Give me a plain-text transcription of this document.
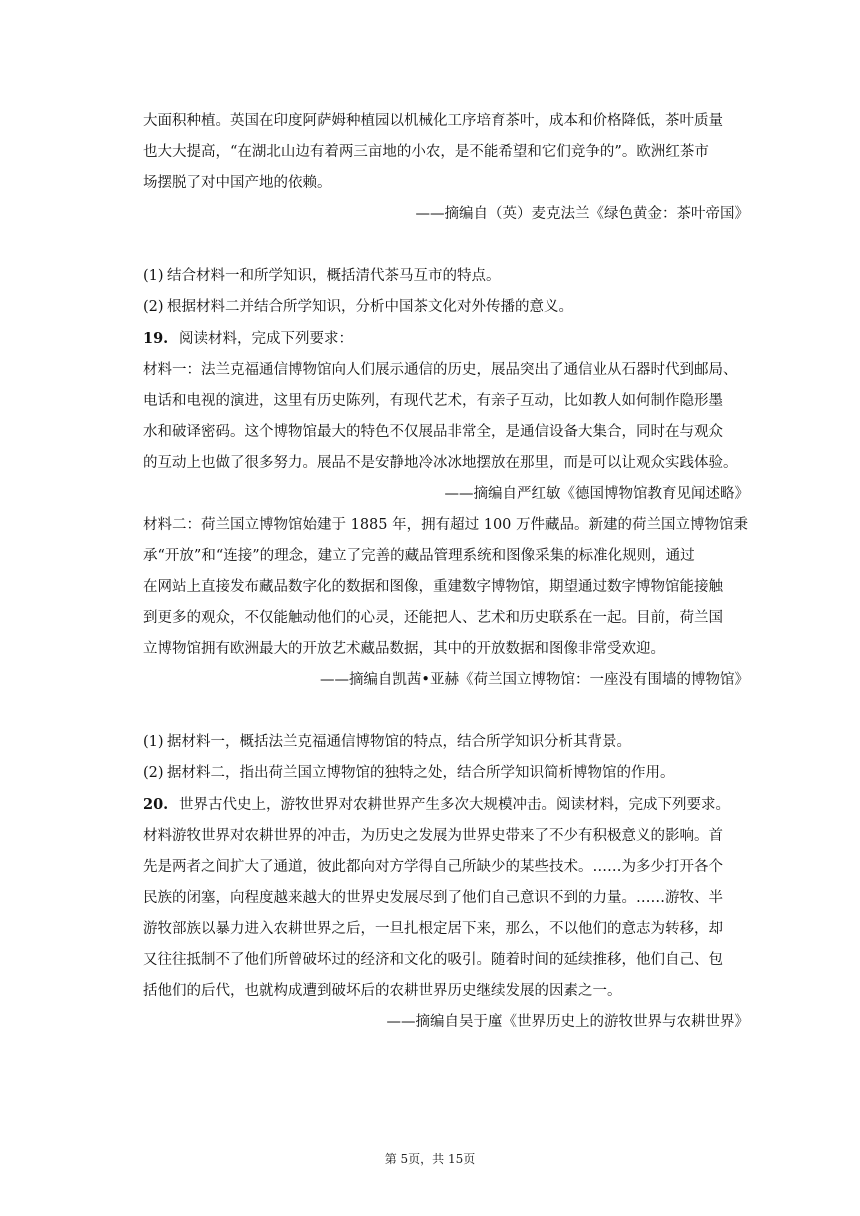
大面积种植。英国在印度阿萨姆种植园以机械化工序培育茶叶，成本和价格降低，茶叶质量

也大大提高，“在湖北山边有着两三亩地的小农，是不能希望和它们竞争的”。欧洲红茶市

场摆脱了对中国产地的依赖。

——摘编自（英）麦克法兰《绿色黄金：茶叶帝国》

(1) 结合材料一和所学知识，概括清代茶马互市的特点。

(2) 根据材料二并结合所学知识，分析中国茶文化对外传播的意义。

19. 阅读材料，完成下列要求：

材料一：法兰克福通信博物馆向人们展示通信的历史，展品突出了通信业从石器时代到邮局、

电话和电视的演进，这里有历史陈列，有现代艺术，有亲子互动，比如教人如何制作隐形墨

水和破译密码。这个博物馆最大的特色不仅展品非常全，是通信设备大集合，同时在与观众

的互动上也做了很多努力。展品不是安静地冷冰冰地摆放在那里，而是可以让观众实践体验。

——摘编自严红敏《德国博物馆教育见闻述略》

材料二：荷兰国立博物馆始建于 1885 年，拥有超过 100 万件藏品。新建的荷兰国立博物馆秉

承“开放”和“连接”的理念，建立了完善的藏品管理系统和图像采集的标准化规则，通过

在网站上直接发布藏品数字化的数据和图像，重建数字博物馆，期望通过数字博物馆能接触

到更多的观众，不仅能触动他们的心灵，还能把人、艺术和历史联系在一起。目前，荷兰国

立博物馆拥有欧洲最大的开放艺术藏品数据，其中的开放数据和图像非常受欢迎。

——摘编自凯茜•亚赫《荷兰国立博物馆：一座没有围墙的博物馆》

(1) 据材料一，概括法兰克福通信博物馆的特点，结合所学知识分析其背景。

(2) 据材料二，指出荷兰国立博物馆的独特之处，结合所学知识简析博物馆的作用。

20. 世界古代史上，游牧世界对农耕世界产生多次大规模冲击。阅读材料，完成下列要求。

材料游牧世界对农耕世界的冲击，为历史之发展为世界史带来了不少有积极意义的影响。首

先是两者之间扩大了通道，彼此都向对方学得自己所缺少的某些技术。……为多少打开各个

民族的闭塞，向程度越来越大的世界史发展尽到了他们自己意识不到的力量。……游牧、半

游牧部族以暴力进入农耕世界之后，一旦扎根定居下来，那么，不以他们的意志为转移，却

又往往抵制不了他们所曾破坏过的经济和文化的吸引。随着时间的延续推移，他们自己、包

括他们的后代，也就构成遭到破坏后的农耕世界历史继续发展的因素之一。

——摘编自吴于廑《世界历史上的游牧世界与农耕世界》

第 5页，共 15页
